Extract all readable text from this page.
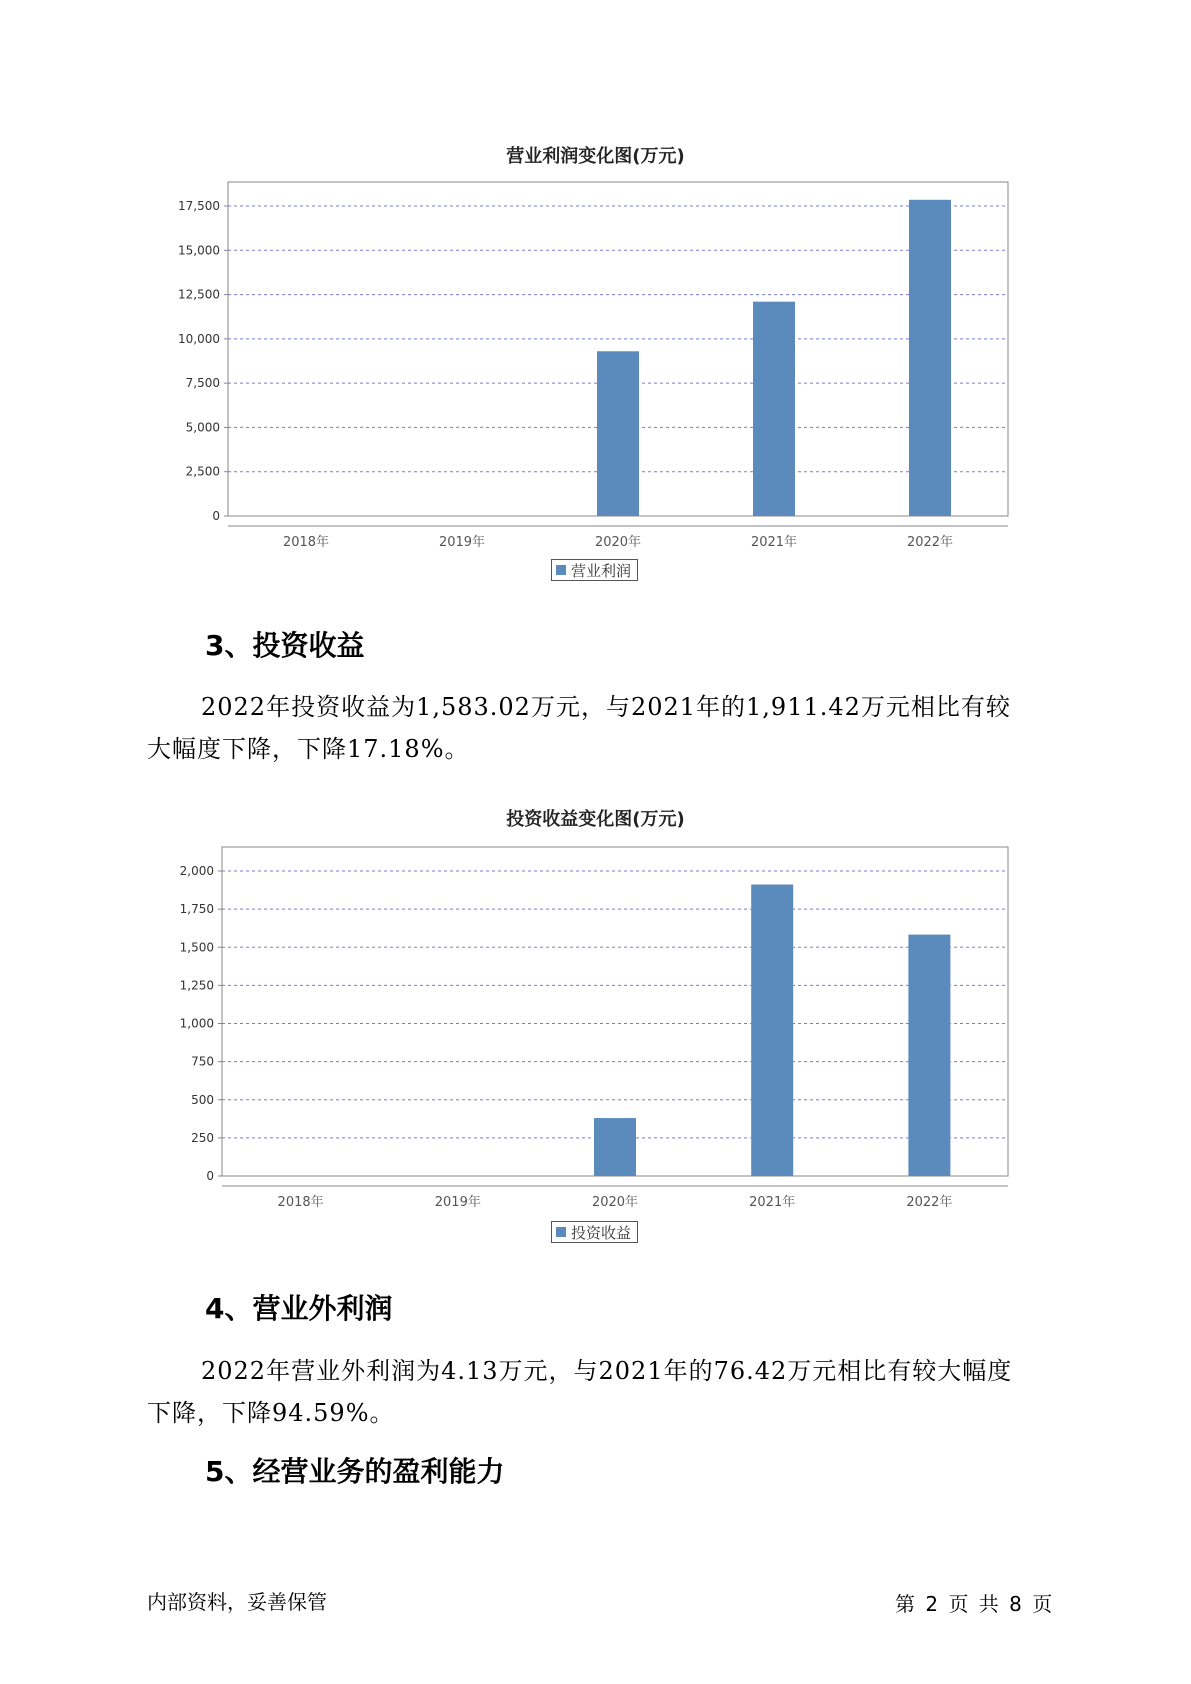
营业利润变化图(万元)
0
2,500
5,000
7,500
10,000
12,500
15,000
17,500
2018年	2019年	2020年	2021年	2022年
营业利润
3、投资收益
2022年投资收益为1,583.02万元，与2021年的1,911.42万元相比有较
大幅度下降，下降17.18%。
投资收益变化图(万元)
0
250
500
750
1,000
1,250
1,500
1,750
2,000
2018年	2019年	2020年	2021年	2022年
投资收益
4、营业外利润
2022年营业外利润为4.13万元，与2021年的76.42万元相比有较大幅度
下降，下降94.59%。
5、经营业务的盈利能力
内部资料，妥善保管	第 2 页 共 8 页
